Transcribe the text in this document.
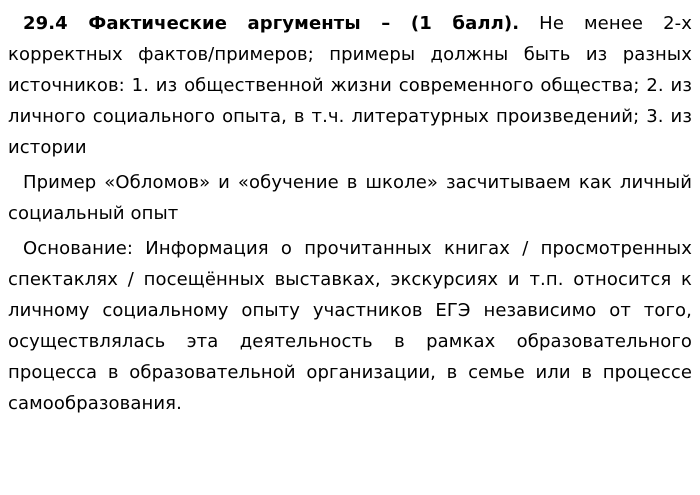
29.4 Фактические аргументы – (1 балл). Не менее 2-х корректных фактов/примеров; примеры должны быть из разных источников: 1. из общественной жизни современного общества; 2. из личного социального опыта, в т.ч. литературных произведений; 3. из истории

Пример «Обломов» и «обучение в школе» засчитываем как личный социальный опыт

Основание: Информация о прочитанных книгах / просмотренных спектаклях / посещённых выставках, экскурсиях и т.п. относится к личному социальному опыту участников ЕГЭ независимо от того, осуществлялась эта деятельность в рамках образовательного процесса в образовательной организации, в семье или в процессе самообразования.
